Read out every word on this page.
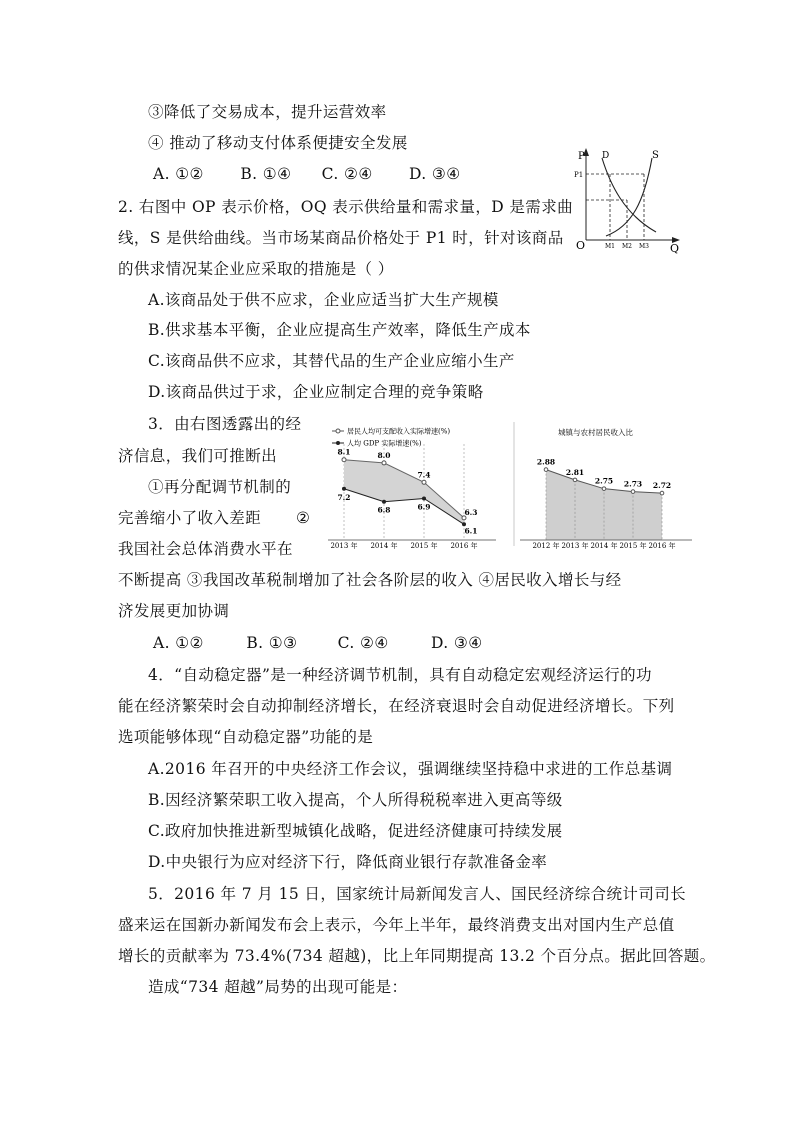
③降低了交易成本，提升运营效率
④ 推动了移动支付体系便捷安全发展
A. ①② B. ①④ C. ②④ D. ③④
2. 右图中 OP 表示价格，OQ 表示供给量和需求量，D 是需求曲
线，S 是供给曲线。当市场某商品价格处于 P1 时，针对该商品
的供求情况某企业应采取的措施是（ ）
A.该商品处于供不应求，企业应适当扩大生产规模
B.供求基本平衡，企业应提高生产效率，降低生产成本
C.该商品供不应求，其替代品的生产企业应缩小生产
D.该商品供过于求，企业应制定合理的竞争策略
3．由右图透露出的经
济信息，我们可推断出
①再分配调节机制的
完善缩小了收入差距 ②
我国社会总体消费水平在
不断提高 ③我国改革税制增加了社会各阶层的收入 ④居民收入增长与经
济发展更加协调
A. ①②	B. ①③	C. ②④	D. ③④
4．“自动稳定器”是一种经济调节机制，具有自动稳定宏观经济运行的功
能在经济繁荣时会自动抑制经济增长，在经济衰退时会自动促进经济增长。下列
选项能够体现“自动稳定器”功能的是
A.2016 年召开的中央经济工作会议，强调继续坚持稳中求进的工作总基调
B.因经济繁荣职工收入提高，个人所得税税率进入更高等级
C.政府加快推进新型城镇化战略，促进经济健康可持续发展
D.中央银行为应对经济下行，降低商业银行存款准备金率
5．2016 年 7 月 15 日，国家统计局新闻发言人、国民经济综合统计司司长
盛来运在国新办新闻发布会上表示，今年上半年，最终消费支出对国内生产总值
增长的贡献率为 73.4%(734 超越)，比上年同期提高 13.2 个百分点。据此回答题。
造成“734 超越”局势的出现可能是：
P D	S
P1
O	Q
M1 M2 M3
2013 年 2014 年 2015 年 2016 年
居民人均可支配收入实际增速(%)
人均 GDP 实际增速(%)
8.1	8.0
7.4
6.3
7.2
6.8	6.9
6.1
城镇与农村居民收入比
2.88
2012 年
2.81
2013 年
2.75
2014 年
2.73
2015 年
2.72
2016 年
